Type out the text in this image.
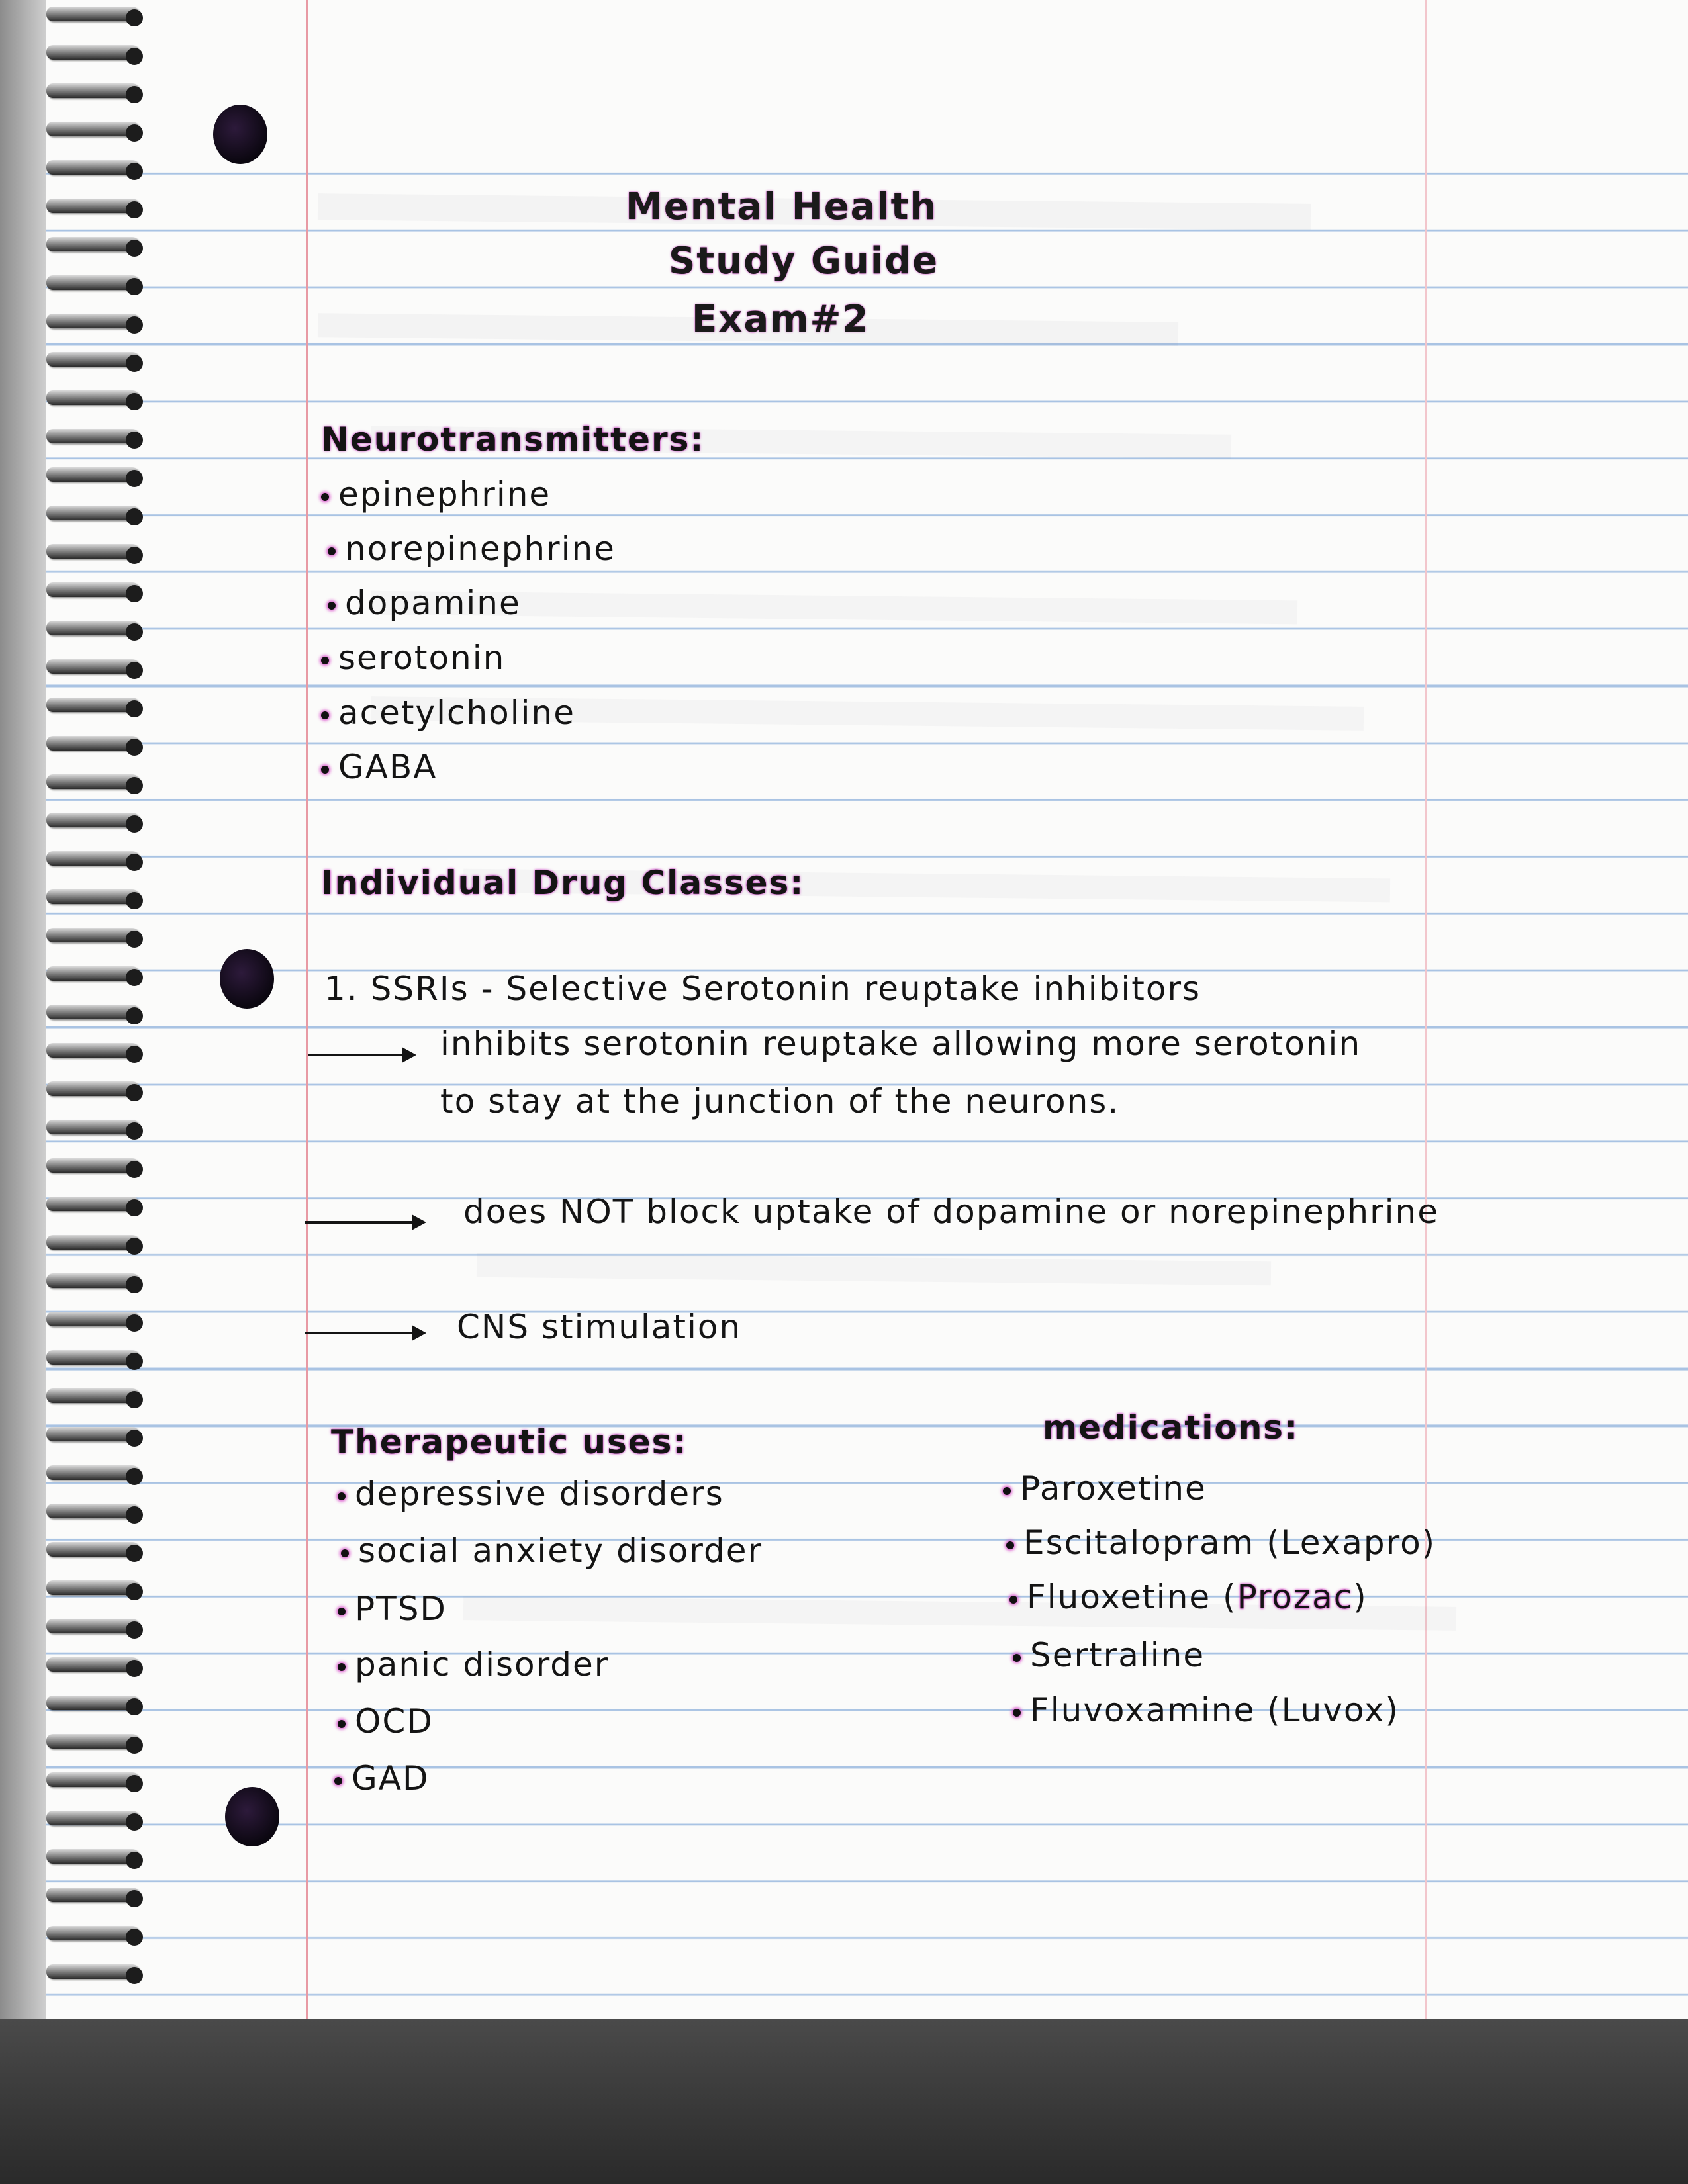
Mental Health
Study Guide
Exam#2
Neurotransmitters:
epinephrine
norepinephrine
dopamine
serotonin
acetylcholine
GABA
Individual Drug Classes:
1. SSRIs - Selective Serotonin reuptake inhibitors
inhibits serotonin reuptake allowing more serotonin
to stay at the junction of the neurons.
does NOT block uptake of dopamine or norepinephrine
CNS stimulation
Therapeutic uses:
depressive disorders
social anxiety disorder
PTSD
panic disorder
OCD
GAD
medications:
Paroxetine
Escitalopram (Lexapro)
Fluoxetine (Prozac)
Sertraline
Fluvoxamine (Luvox)
